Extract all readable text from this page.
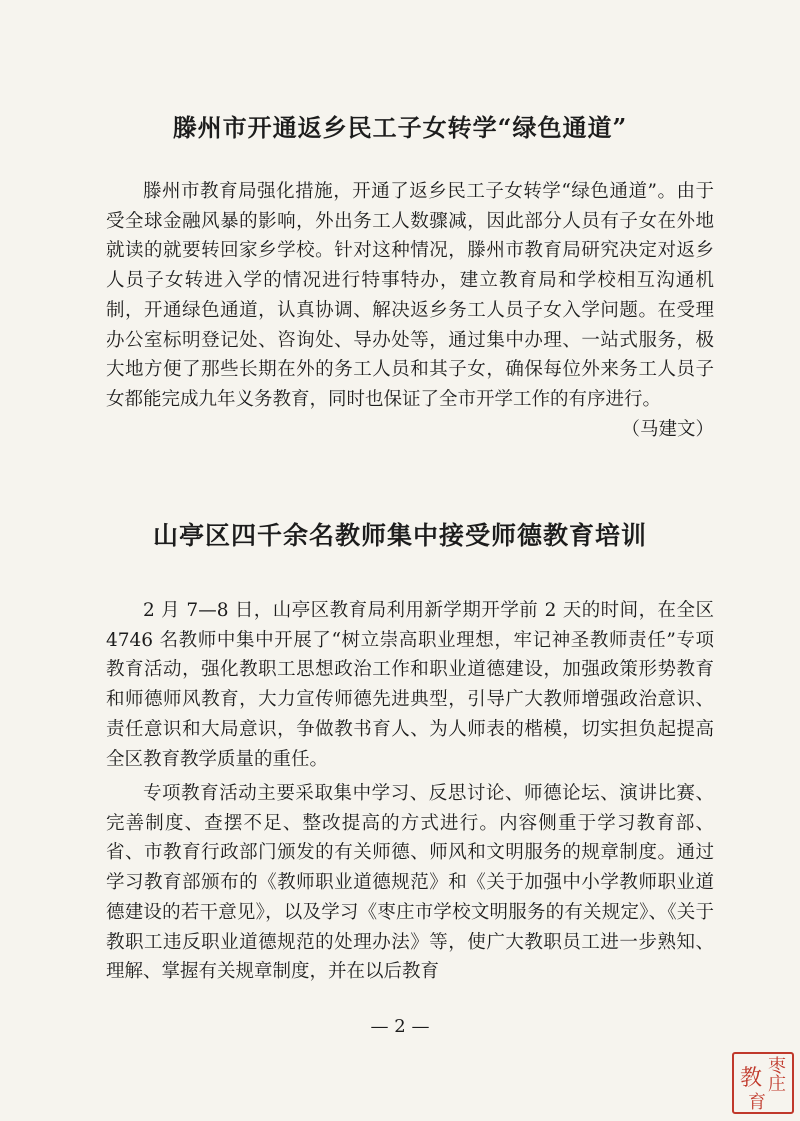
滕州市开通返乡民工子女转学“绿色通道”

滕州市教育局强化措施，开通了返乡民工子女转学“绿色通道”。由于受全球金融风暴的影响，外出务工人数骤减，因此部分人员有子女在外地就读的就要转回家乡学校。针对这种情况，滕州市教育局研究决定对返乡人员子女转进入学的情况进行特事特办，建立教育局和学校相互沟通机制，开通绿色通道，认真协调、解决返乡务工人员子女入学问题。在受理办公室标明登记处、咨询处、导办处等，通过集中办理、一站式服务，极大地方便了那些长期在外的务工人员和其子女，确保每位外来务工人员子女都能完成九年义务教育，同时也保证了全市开学工作的有序进行。
（马建文）

山亭区四千余名教师集中接受师德教育培训

2 月 7—8 日，山亭区教育局利用新学期开学前 2 天的时间，在全区 4746 名教师中集中开展了“树立崇高职业理想，牢记神圣教师责任”专项教育活动，强化教职工思想政治工作和职业道德建设，加强政策形势教育和师德师风教育，大力宣传师德先进典型，引导广大教师增强政治意识、责任意识和大局意识，争做教书育人、为人师表的楷模，切实担负起提高全区教育教学质量的重任。

专项教育活动主要采取集中学习、反思讨论、师德论坛、演讲比赛、完善制度、查摆不足、整改提高的方式进行。内容侧重于学习教育部、省、市教育行政部门颁发的有关师德、师风和文明服务的规章制度。通过学习教育部颁布的《教师职业道德规范》和《关于加强中小学教师职业道德建设的若干意见》，以及学习《枣庄市学校文明服务的有关规定》、《关于教职工违反职业道德规范的处理办法》等，使广大教职员工进一步熟知、理解、掌握有关规章制度，并在以后教育

— 2 —
枣
庄
教
育
